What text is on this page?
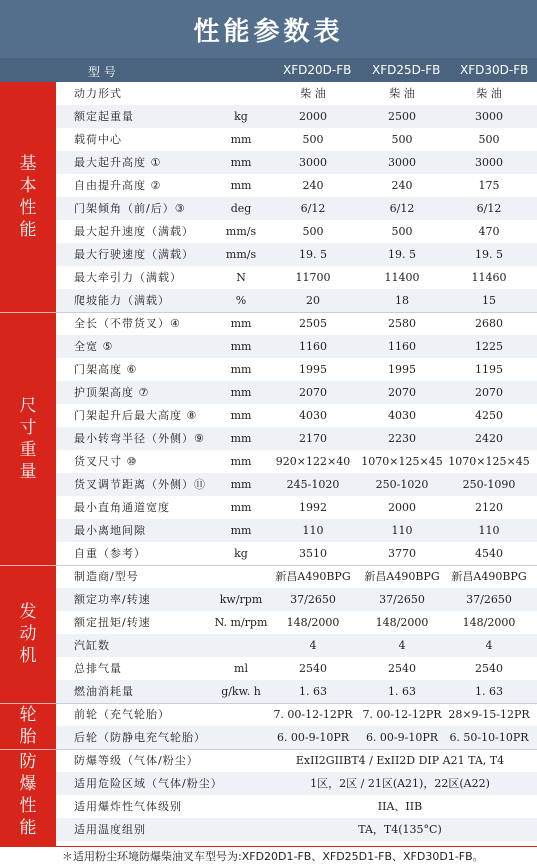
性能参数表
型 号	XFD20D-FB XFD25D-FB XFD30D-FB
基本性能
尺寸重量
发动机
轮胎
防爆性能
动力形式	柴 油	柴 油	柴 油
额定起重量	kg	2000	2500	3000
载荷中心	mm	500	500	500
最大起升高度 ①	mm	3000	3000	3000
自由提升高度 ②	mm	240	240	175
门架倾角（前/后）③	deg	6/12	6/12	6/12
最大起升速度（满载）	mm/s	500	500	470
最大行驶速度（满载）	mm/s	19. 5	19. 5	19. 5
最大牵引力（满载）	N	11700	11400	11460
爬坡能力（满载）	%	20	18	15
全长（不带货叉）④	mm	2505	2580	2680
全宽 ⑤	mm	1160	1160	1225
门架高度 ⑥	mm	1995	1995	1195
护顶架高度 ⑦	mm	2070	2070	2070
门架起升后最大高度 ⑧	mm	4030	4030	4250
最小转弯半径（外侧）⑨	mm	2170	2230	2420
货叉尺寸 ⑩	mm	920×122×40	1070×125×45 1070×125×45
货叉调节距离（外侧）⑪	mm	245-1020	250-1020	250-1090
最小直角通道宽度	mm	1992	2000	2120
最小离地间隙	mm	110	110	110
自重（参考）	kg	3510	3770	4540
制造商/型号	新昌A490BPG	新昌A490BPG	新昌A490BPG
额定功率/转速	kw/rpm	37/2650	37/2650	37/2650
额定扭矩/转速	N. m/rpm	148/2000	148/2000	148/2000
汽缸数	4	4	4
总排气量	ml	2540	2540	2540
燃油消耗量	g/kw. h	1. 63	1. 63	1. 63
前轮（充气轮胎）	7. 00-12-12PR 7. 00-12-12PR 28×9-15-12PR
后轮（防静电充气轮胎）	6. 00-9-10PR	6. 00-9-10PR	6. 50-10-10PR
防爆等级（气体/粉尘）	ExII2GIIBT4 / ExII2D DIP A21 TA, T4
适用危险区域（气体/粉尘）	1区，2区 / 21区(A21)，22区(A22)
适用爆炸性气体级别	IIA、IIB
适用温度组别	TA，T4(135°C)
＊适用粉尘环境防爆柴油叉车型号为:XFD20D1-FB、XFD25D1-FB、XFD30D1-FB。
